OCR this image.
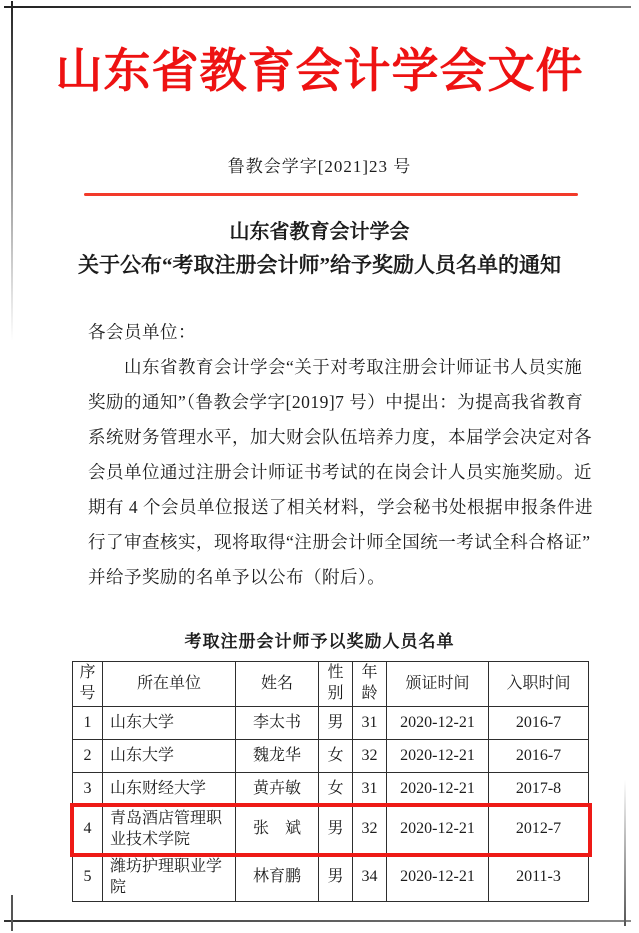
山东省教育会计学会文件
鲁教会学字[2021]23 号
山东省教育会计学会
关于公布“考取注册会计师”给予奖励人员名单的通知
各会员单位：
　　山东省教育会计学会“关于对考取注册会计师证书人员实施
奖励的通知”（鲁教会学字[2019]7 号）中提出：为提高我省教育
系统财务管理水平，加大财会队伍培养力度，本届学会决定对各
会员单位通过注册会计师证书考试的在岗会计人员实施奖励。近
期有 4 个会员单位报送了相关材料，学会秘书处根据申报条件进
行了审查核实，现将取得“注册会计师全国统一考试全科合格证”
并给予奖励的名单予以公布（附后）。
考取注册会计师予以奖励人员名单
序号	所在单位	姓名	性别	年龄	颁证时间	入职时间
1	山东大学	李太书	男	31	2020-12-21	2016-7
2	山东大学	魏龙华	女	32	2020-12-21	2016-7
3	山东财经大学	黄卉敏	女	31	2020-12-21	2017-8
4	青岛酒店管理职业技术学院	张　斌	男	32	2020-12-21	2012-7
5	潍坊护理职业学院	林育鹏	男	34	2020-12-21	2011-3
